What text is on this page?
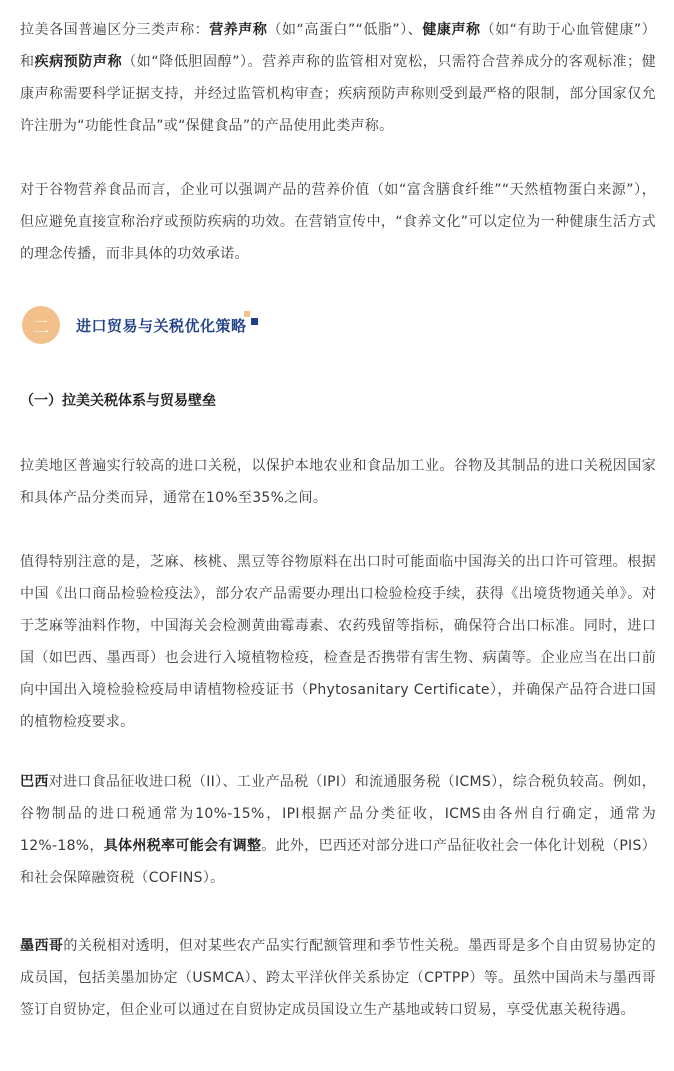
拉美各国普遍区分三类声称：营养声称（如“高蛋白”“低脂”）、健康声称（如“有助于心血管健康”）和疾病预防声称（如“降低胆固醇”）。营养声称的监管相对宽松，只需符合营养成分的客观标准；健康声称需要科学证据支持，并经过监管机构审查；疾病预防声称则受到最严格的限制，部分国家仅允许注册为“功能性食品”或“保健食品”的产品使用此类声称。

对于谷物营养食品而言，企业可以强调产品的营养价值（如“富含膳食纤维”“天然植物蛋白来源”），但应避免直接宣称治疗或预防疾病的功效。在营销宣传中，“食养文化”可以定位为一种健康生活方式的理念传播，而非具体的功效承诺。

二	进口贸易与关税优化策略

（一）拉美关税体系与贸易壁垒

拉美地区普遍实行较高的进口关税，以保护本地农业和食品加工业。谷物及其制品的进口关税因国家和具体产品分类而异，通常在10%至35%之间。

值得特别注意的是，芝麻、核桃、黑豆等谷物原料在出口时可能面临中国海关的出口许可管理。根据中国《出口商品检验检疫法》，部分农产品需要办理出口检验检疫手续，获得《出境货物通关单》。对于芝麻等油料作物，中国海关会检测黄曲霉毒素、农药残留等指标，确保符合出口标准。同时，进口国（如巴西、墨西哥）也会进行入境植物检疫，检查是否携带有害生物、病菌等。企业应当在出口前向中国出入境检验检疫局申请植物检疫证书（Phytosanitary Certificate），并确保产品符合进口国的植物检疫要求。

巴西对进口食品征收进口税（II）、工业产品税（IPI）和流通服务税（ICMS），综合税负较高。例如，谷物制品的进口税通常为10%-15%，IPI根据产品分类征收，ICMS由各州自行确定，通常为12%-18%，具体州税率可能会有调整。此外，巴西还对部分进口产品征收社会一体化计划税（PIS）和社会保障融资税（COFINS）。

墨西哥的关税相对透明，但对某些农产品实行配额管理和季节性关税。墨西哥是多个自由贸易协定的成员国，包括美墨加协定（USMCA）、跨太平洋伙伴关系协定（CPTPP）等。虽然中国尚未与墨西哥签订自贸协定，但企业可以通过在自贸协定成员国设立生产基地或转口贸易，享受优惠关税待遇。
